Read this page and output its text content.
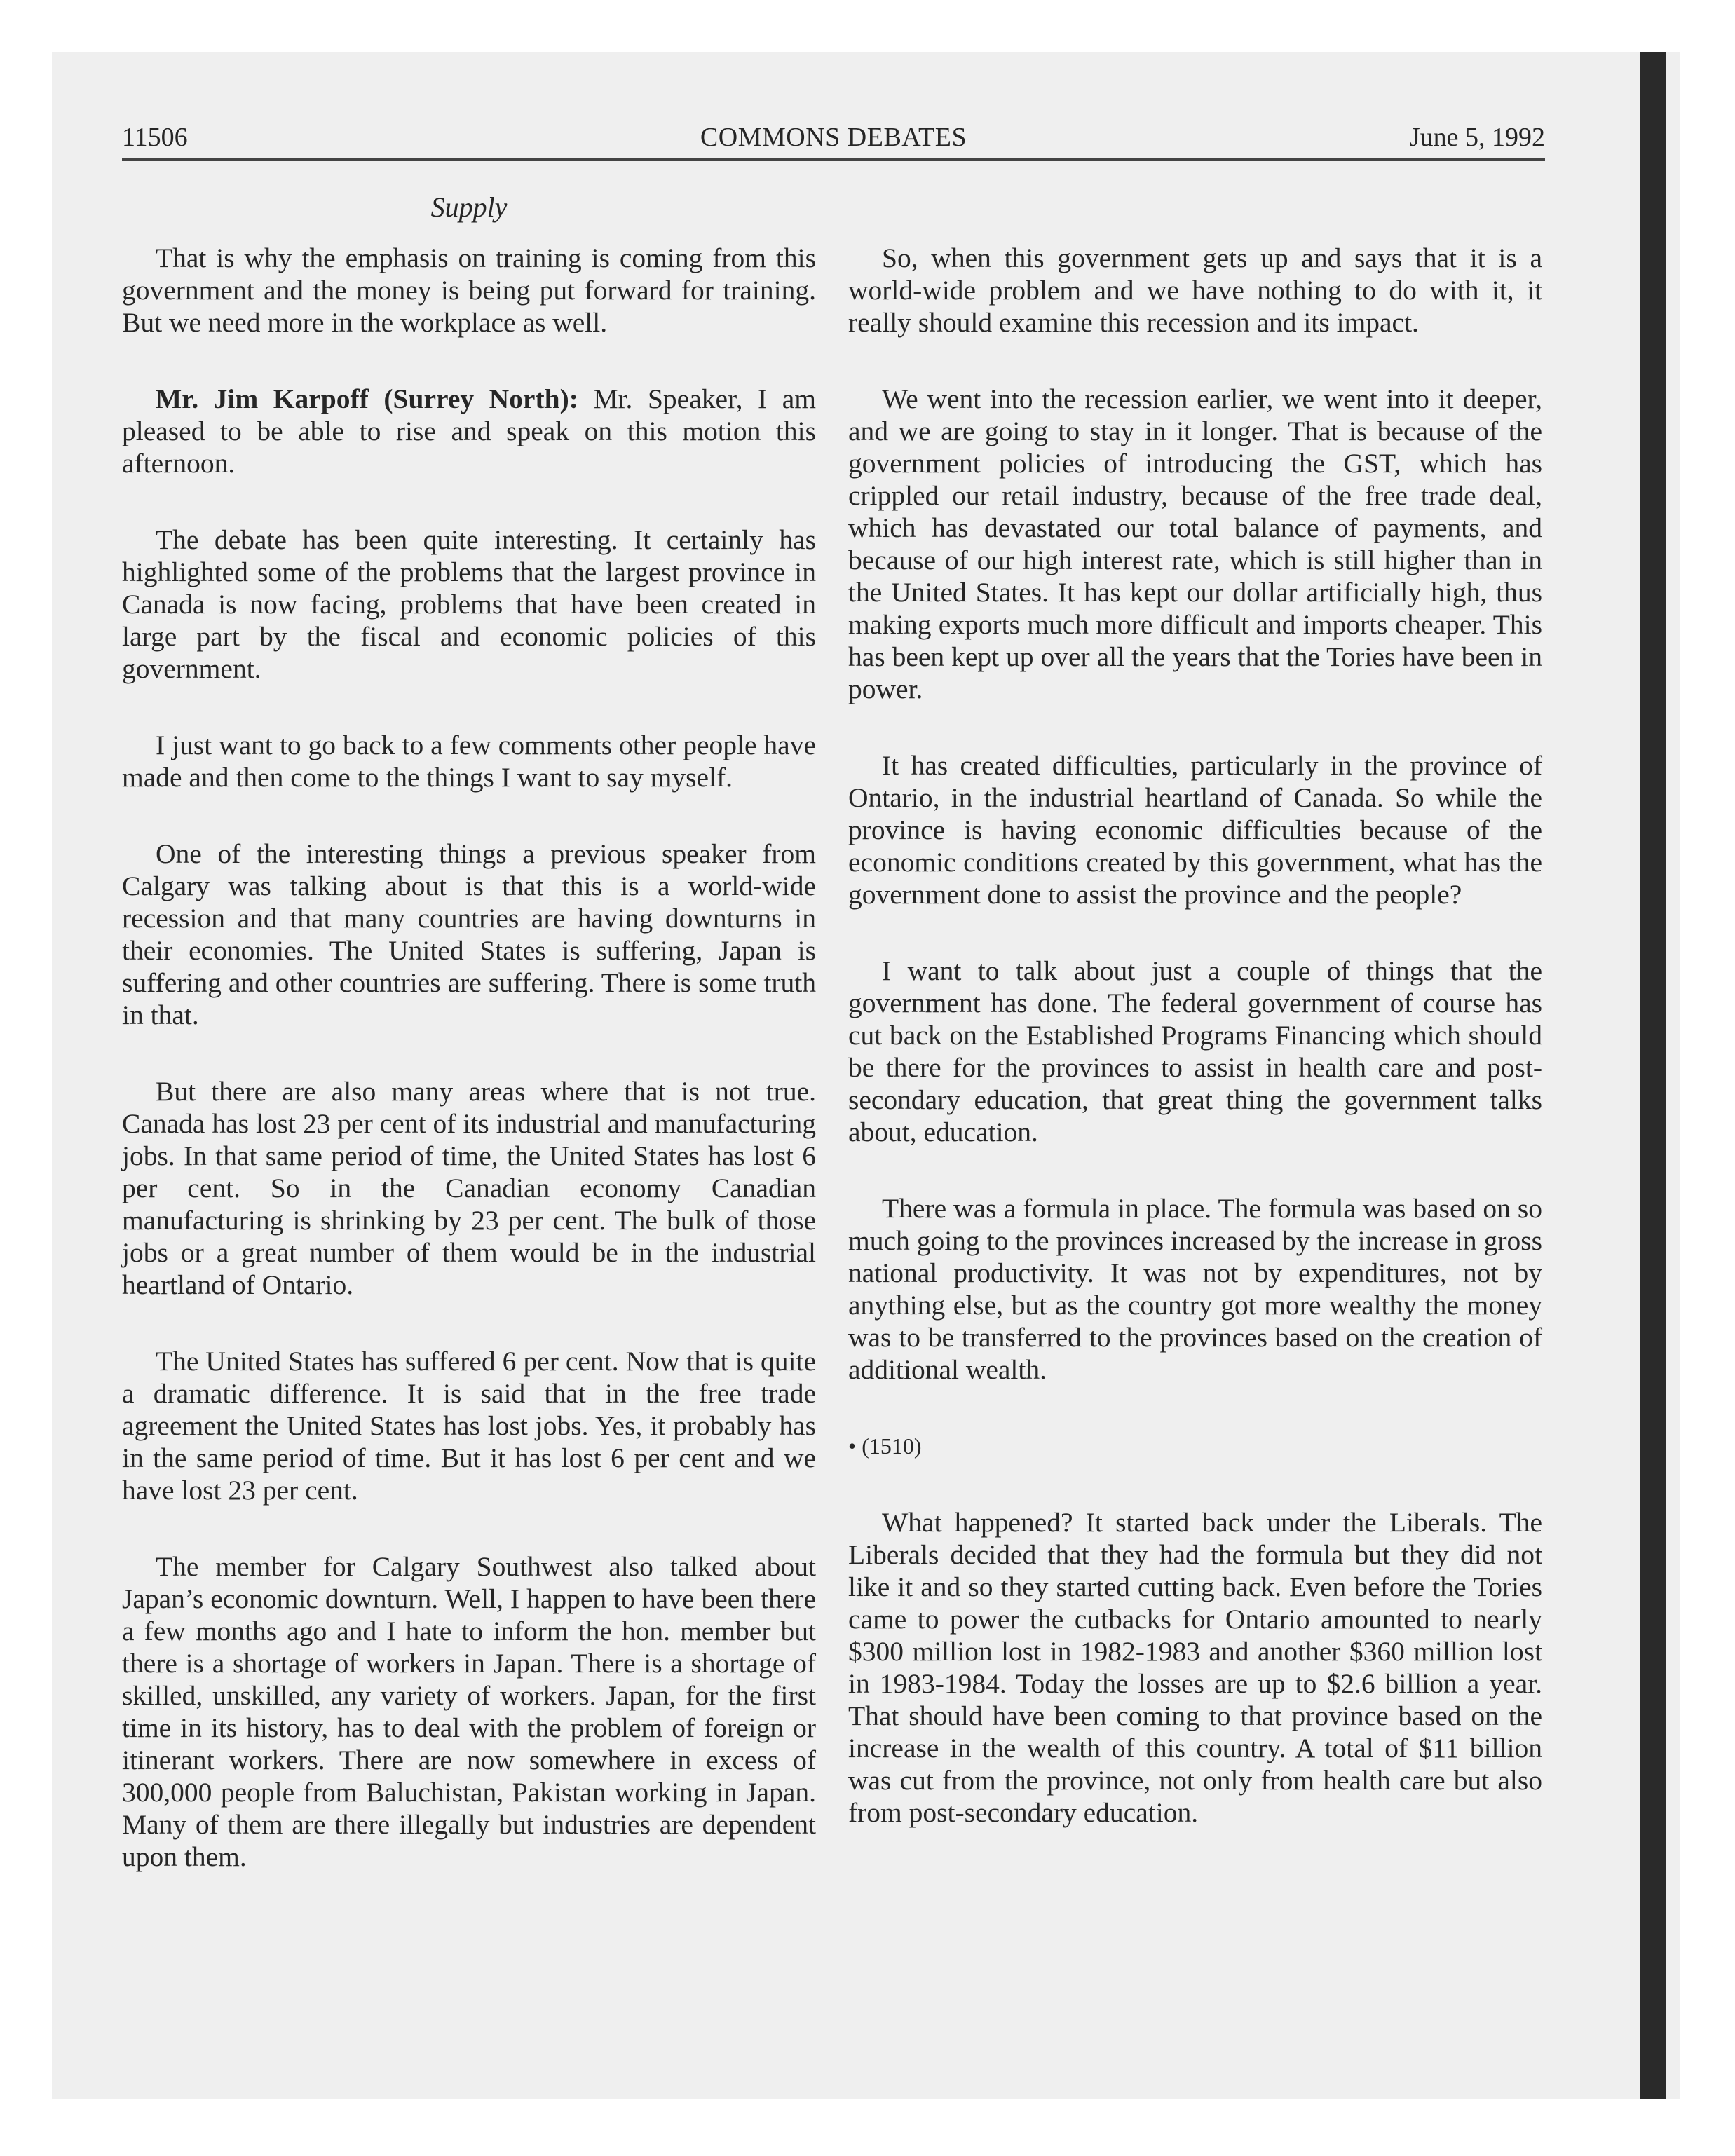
11506	COMMONS DEBATES	June 5, 1992
Supply

That is why the emphasis on training is coming from this government and the money is being put forward for training. But we need more in the workplace as well.

Mr. Jim Karpoff (Surrey North): Mr. Speaker, I am pleased to be able to rise and speak on this motion this afternoon.

The debate has been quite interesting. It certainly has highlighted some of the problems that the largest province in Canada is now facing, problems that have been created in large part by the fiscal and economic policies of this government.

I just want to go back to a few comments other people have made and then come to the things I want to say myself.

One of the interesting things a previous speaker from Calgary was talking about is that this is a world-wide recession and that many countries are having downturns in their economies. The United States is suffering, Japan is suffering and other countries are suffering. There is some truth in that.

But there are also many areas where that is not true. Canada has lost 23 per cent of its industrial and manufacturing jobs. In that same period of time, the United States has lost 6 per cent. So in the Canadian economy Canadian manufacturing is shrinking by 23 per cent. The bulk of those jobs or a great number of them would be in the industrial heartland of Ontario.

The United States has suffered 6 per cent. Now that is quite a dramatic difference. It is said that in the free trade agreement the United States has lost jobs. Yes, it probably has in the same period of time. But it has lost 6 per cent and we have lost 23 per cent.

The member for Calgary Southwest also talked about Japan’s economic downturn. Well, I happen to have been there a few months ago and I hate to inform the hon. member but there is a shortage of workers in Japan. There is a shortage of skilled, unskilled, any variety of workers. Japan, for the first time in its history, has to deal with the problem of foreign or itinerant workers. There are now somewhere in excess of 300,000 people from Baluchistan, Pakistan working in Japan. Many of them are there illegally but industries are dependent upon them.

So, when this government gets up and says that it is a world-wide problem and we have nothing to do with it, it really should examine this recession and its impact.

We went into the recession earlier, we went into it deeper, and we are going to stay in it longer. That is because of the government policies of introducing the GST, which has crippled our retail industry, because of the free trade deal, which has devastated our total balance of payments, and because of our high interest rate, which is still higher than in the United States. It has kept our dollar artificially high, thus making exports much more difficult and imports cheaper. This has been kept up over all the years that the Tories have been in power.

It has created difficulties, particularly in the province of Ontario, in the industrial heartland of Canada. So while the province is having economic difficulties because of the economic conditions created by this government, what has the government done to assist the province and the people?

I want to talk about just a couple of things that the government has done. The federal government of course has cut back on the Established Programs Financing which should be there for the provinces to assist in health care and post-secondary education, that great thing the government talks about, education.

There was a formula in place. The formula was based on so much going to the provinces increased by the increase in gross national productivity. It was not by expenditures, not by anything else, but as the country got more wealthy the money was to be transferred to the provinces based on the creation of additional wealth.

• (1510)

What happened? It started back under the Liberals. The Liberals decided that they had the formula but they did not like it and so they started cutting back. Even before the Tories came to power the cutbacks for Ontario amounted to nearly $300 million lost in 1982-1983 and another $360 million lost in 1983-1984. Today the losses are up to $2.6 billion a year. That should have been coming to that province based on the increase in the wealth of this country. A total of $11 billion was cut from the province, not only from health care but also from post-secondary education.
